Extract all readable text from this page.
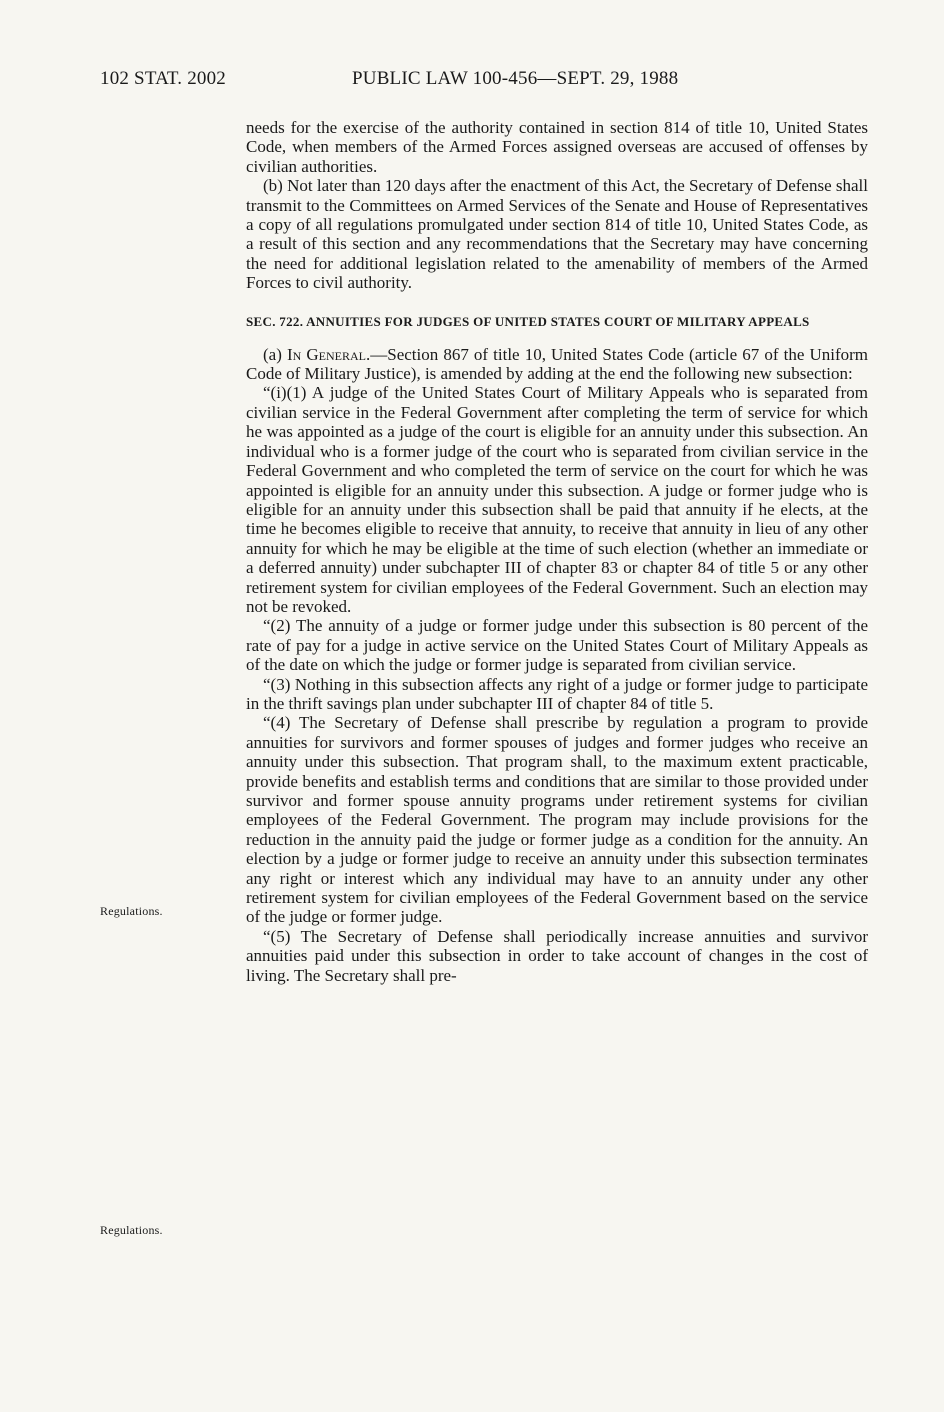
102 STAT. 2002	PUBLIC LAW 100-456—SEPT. 29, 1988
Regulations.
Regulations.

needs for the exercise of the authority contained in section 814 of title 10, United States Code, when members of the Armed Forces assigned overseas are accused of offenses by civilian authorities.

(b) Not later than 120 days after the enactment of this Act, the Secretary of Defense shall transmit to the Committees on Armed Services of the Senate and House of Representatives a copy of all regulations promulgated under section 814 of title 10, United States Code, as a result of this section and any recommendations that the Secretary may have concerning the need for additional legislation related to the amenability of members of the Armed Forces to civil authority.

SEC. 722. ANNUITIES FOR JUDGES OF UNITED STATES COURT OF MILITARY APPEALS

(a) In General.—Section 867 of title 10, United States Code (article 67 of the Uniform Code of Military Justice), is amended by adding at the end the following new subsection:

“(i)(1) A judge of the United States Court of Military Appeals who is separated from civilian service in the Federal Government after completing the term of service for which he was appointed as a judge of the court is eligible for an annuity under this subsection. An individual who is a former judge of the court who is separated from civilian service in the Federal Government and who completed the term of service on the court for which he was appointed is eligible for an annuity under this subsection. A judge or former judge who is eligible for an annuity under this subsection shall be paid that annuity if he elects, at the time he becomes eligible to receive that annuity, to receive that annuity in lieu of any other annuity for which he may be eligible at the time of such election (whether an immediate or a deferred annuity) under subchapter III of chapter 83 or chapter 84 of title 5 or any other retirement system for civilian employees of the Federal Government. Such an election may not be revoked.

“(2) The annuity of a judge or former judge under this subsection is 80 percent of the rate of pay for a judge in active service on the United States Court of Military Appeals as of the date on which the judge or former judge is separated from civilian service.

“(3) Nothing in this subsection affects any right of a judge or former judge to participate in the thrift savings plan under subchapter III of chapter 84 of title 5.

“(4) The Secretary of Defense shall prescribe by regulation a program to provide annuities for survivors and former spouses of judges and former judges who receive an annuity under this subsection. That program shall, to the maximum extent practicable, provide benefits and establish terms and conditions that are similar to those provided under survivor and former spouse annuity programs under retirement systems for civilian employees of the Federal Government. The program may include provisions for the reduction in the annuity paid the judge or former judge as a condition for the annuity. An election by a judge or former judge to receive an annuity under this subsection terminates any right or interest which any individual may have to an annuity under any other retirement system for civilian employees of the Federal Government based on the service of the judge or former judge.

“(5) The Secretary of Defense shall periodically increase annuities and survivor annuities paid under this subsection in order to take account of changes in the cost of living. The Secretary shall pre-
